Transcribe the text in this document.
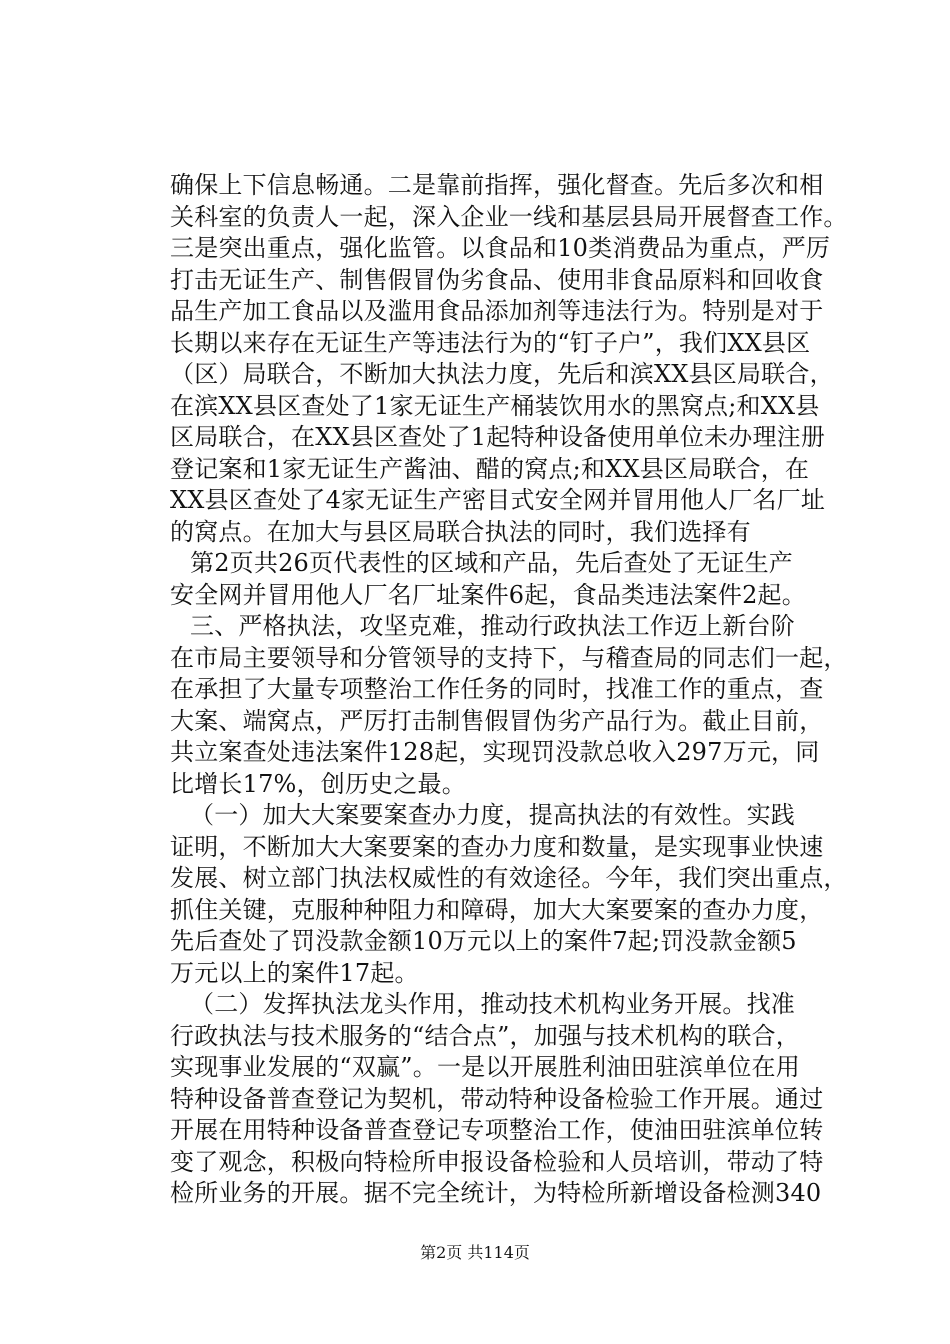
确保上下信息畅通。二是靠前指挥，强化督查。先后多次和相
关科室的负责人一起，深入企业一线和基层县局开展督查工作。
三是突出重点，强化监管。以食品和10类消费品为重点，严厉
打击无证生产、制售假冒伪劣食品、使用非食品原料和回收食
品生产加工食品以及滥用食品添加剂等违法行为。特别是对于
长期以来存在无证生产等违法行为的“钉子户”，我们XX县区
（区）局联合，不断加大执法力度，先后和滨XX县区局联合，
在滨XX县区查处了1家无证生产桶装饮用水的黑窝点;和XX县
区局联合，在XX县区查处了1起特种设备使用单位未办理注册
登记案和1家无证生产酱油、醋的窝点;和XX县区局联合，在
XX县区查处了4家无证生产密目式安全网并冒用他人厂名厂址
的窝点。在加大与县区局联合执法的同时，我们选择有
第2页共26页代表性的区域和产品，先后查处了无证生产
安全网并冒用他人厂名厂址案件6起，食品类违法案件2起。
三、严格执法，攻坚克难，推动行政执法工作迈上新台阶
在市局主要领导和分管领导的支持下，与稽查局的同志们一起，
在承担了大量专项整治工作任务的同时，找准工作的重点，查
大案、端窝点，严厉打击制售假冒伪劣产品行为。截止目前，
共立案查处违法案件128起，实现罚没款总收入297万元，同
比增长17%，创历史之最。
（一）加大大案要案查办力度，提高执法的有效性。实践
证明，不断加大大案要案的查办力度和数量，是实现事业快速
发展、树立部门执法权威性的有效途径。今年，我们突出重点，
抓住关键，克服种种阻力和障碍，加大大案要案的查办力度，
先后查处了罚没款金额10万元以上的案件7起;罚没款金额5
万元以上的案件17起。
（二）发挥执法龙头作用，推动技术机构业务开展。找准
行政执法与技术服务的“结合点”，加强与技术机构的联合，
实现事业发展的“双赢”。一是以开展胜利油田驻滨单位在用
特种设备普查登记为契机，带动特种设备检验工作开展。通过
开展在用特种设备普查登记专项整治工作，使油田驻滨单位转
变了观念，积极向特检所申报设备检验和人员培训，带动了特
检所业务的开展。据不完全统计，为特检所新增设备检测340
第2页 共114页
